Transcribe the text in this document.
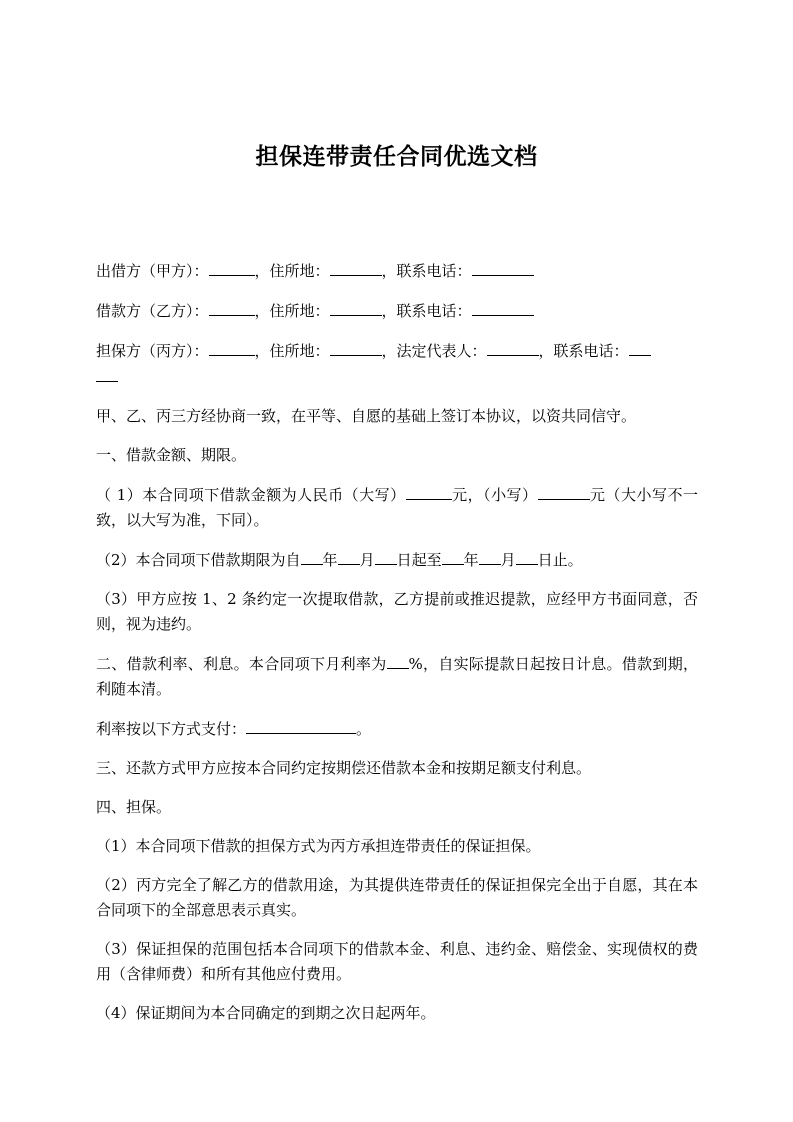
担保连带责任合同优选文档

出借方（甲方）：	，住所地：	，联系电话：

借款方（乙方）：	，住所地：	，联系电话：

担保方（丙方）：	，住所地：	，法定代表人：	，联系电话：

甲、乙、丙三方经协商一致，在平等、自愿的基础上签订本协议，以资共同信守。

一、借款金额、期限。

（ 1）本合同项下借款金额为人民币（大写）	元，（小写）	元（大小写不一致，以大写为准，下同）。

（2）本合同项下借款期限为自 年 月 日起至 年 月 日止。

（3）甲方应按 1、2 条约定一次提取借款，乙方提前或推迟提款，应经甲方书面同意，否则，视为违约。

二、借款利率、利息。本合同项下月利率为 %，自实际提款日起按日计息。借款到期，利随本清。

利率按以下方式支付：	。

三、还款方式甲方应按本合同约定按期偿还借款本金和按期足额支付利息。

四、担保。

（1）本合同项下借款的担保方式为丙方承担连带责任的保证担保。

（2）丙方完全了解乙方的借款用途，为其提供连带责任的保证担保完全出于自愿，其在本合同项下的全部意思表示真实。

（3）保证担保的范围包括本合同项下的借款本金、利息、违约金、赔偿金、实现债权的费用（含律师费）和所有其他应付费用。

（4）保证期间为本合同确定的到期之次日起两年。
